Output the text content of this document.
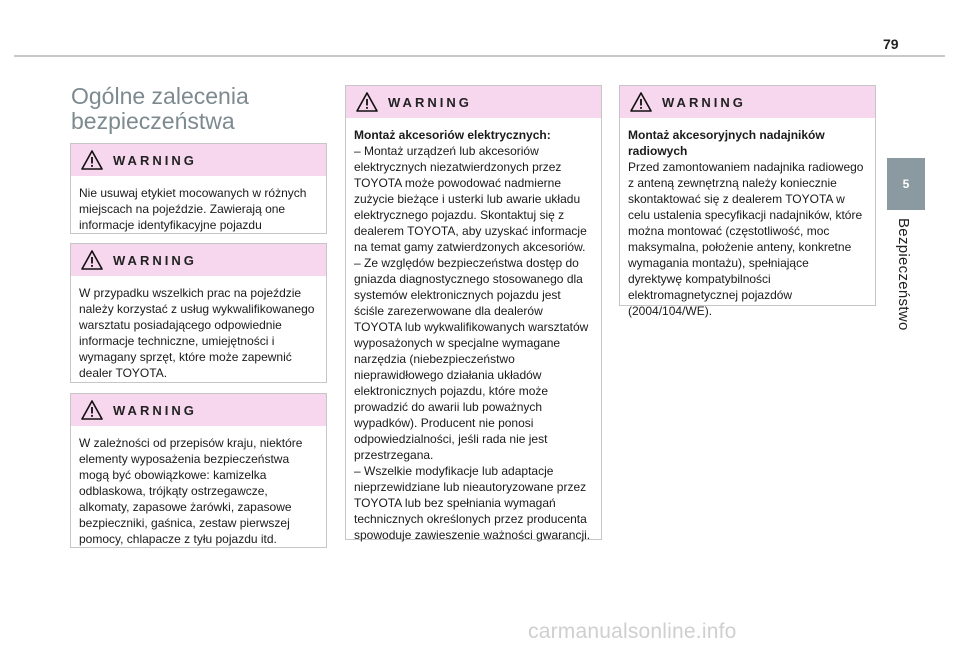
79
5
Bezpieczeństwo
Ogólne zalecenia bezpieczeństwa
WARNING
Nie usuwaj etykiet mocowanych w różnych miejscach na pojeździe. Zawierają one informacje identyfikacyjne pojazdu
WARNING
W przypadku wszelkich prac na pojeździe należy korzystać z usług wykwalifikowanego warsztatu posiadającego odpowiednie informacje techniczne, umiejętności i wymagany sprzęt, które może zapewnić dealer TOYOTA.
WARNING
W zależności od przepisów kraju, niektóre elementy wyposażenia bezpieczeństwa mogą być obowiązkowe: kamizelka odblaskowa, trójkąty ostrzegawcze, alkomaty, zapasowe żarówki, zapasowe bezpieczniki, gaśnica, zestaw pierwszej pomocy, chlapacze z tyłu pojazdu itd.
WARNING
Montaż akcesoriów elektrycznych:

– Montaż urządzeń lub akcesoriów elektrycznych niezatwierdzonych przez TOYOTA może powodować nadmierne zużycie bieżące i usterki lub awarie układu elektrycznego pojazdu. Skontaktuj się z dealerem TOYOTA, aby uzyskać informacje na temat gamy zatwierdzonych akcesoriów.

– Ze względów bezpieczeństwa dostęp do gniazda diagnostycznego stosowanego dla systemów elektronicznych pojazdu jest ściśle zarezerwowane dla dealerów TOYOTA lub wykwalifikowanych warsztatów wyposażonych w specjalne wymagane narzędzia (niebezpieczeństwo nieprawidłowego działania układów elektronicznych pojazdu, które może prowadzić do awarii lub poważnych wypadków). Producent nie ponosi odpowiedzialności, jeśli rada nie jest przestrzegana.

– Wszelkie modyfikacje lub adaptacje nieprzewidziane lub nieautoryzowane przez TOYOTA lub bez spełniania wymagań technicznych określonych przez producenta spowoduje zawieszenie ważności gwarancji.

WARNING
Montaż akcesoryjnych nadajników radiowych

Przed zamontowaniem nadajnika radiowego z anteną zewnętrzną należy koniecznie skontaktować się z dealerem TOYOTA w celu ustalenia specyfikacji nadajników, które można montować (częstotliwość, moc maksymalna, położenie anteny, konkretne wymagania montażu), spełniające dyrektywę kompatybilności elektromagnetycznej pojazdów (2004/104/WE).

carmanualsonline.info
